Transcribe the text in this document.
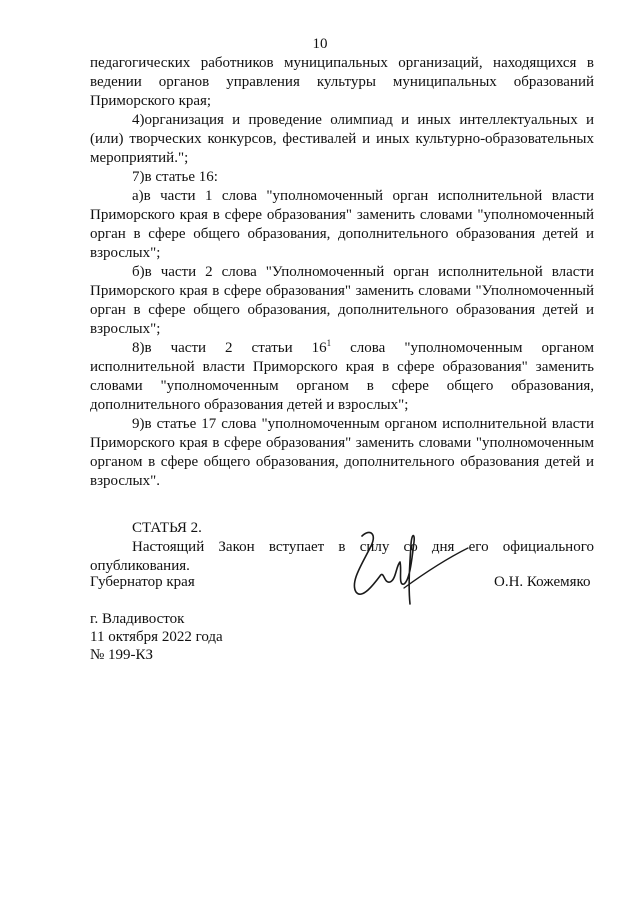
10

педагогических работников муниципальных организаций, находящихся в ведении органов управления культуры муниципальных образований Приморского края;

4)организация и проведение олимпиад и иных интеллектуальных и (или) творческих конкурсов, фестивалей и иных культурно-образовательных мероприятий.";

7)в статье 16:

а)в части 1 слова "уполномоченный орган исполнительной власти Приморского края в сфере образования" заменить словами "уполномоченный орган в сфере общего образования, дополнительного образования детей и взрослых";

б)в части 2 слова "Уполномоченный орган исполнительной власти Приморского края в сфере образования" заменить словами "Уполномоченный орган в сфере общего образования, дополнительного образования детей и взрослых";

8)в части 2 статьи $16^1$ слова "уполномоченным органом исполнительной власти Приморского края в сфере образования" заменить словами "уполномоченным органом в сфере общего образования, дополнительного образования детей и взрослых";

9)в статье 17 слова "уполномоченным органом исполнительной власти Приморского края в сфере образования" заменить словами "уполномоченным органом в сфере общего образования, дополнительного образования детей и взрослых".

СТАТЬЯ 2.

Настоящий Закон вступает в силу со дня его официального опубликования.

Губернатор края	О.Н. Кожемяко
г. Владивосток
11 октября 2022 года
№ 199-КЗ
